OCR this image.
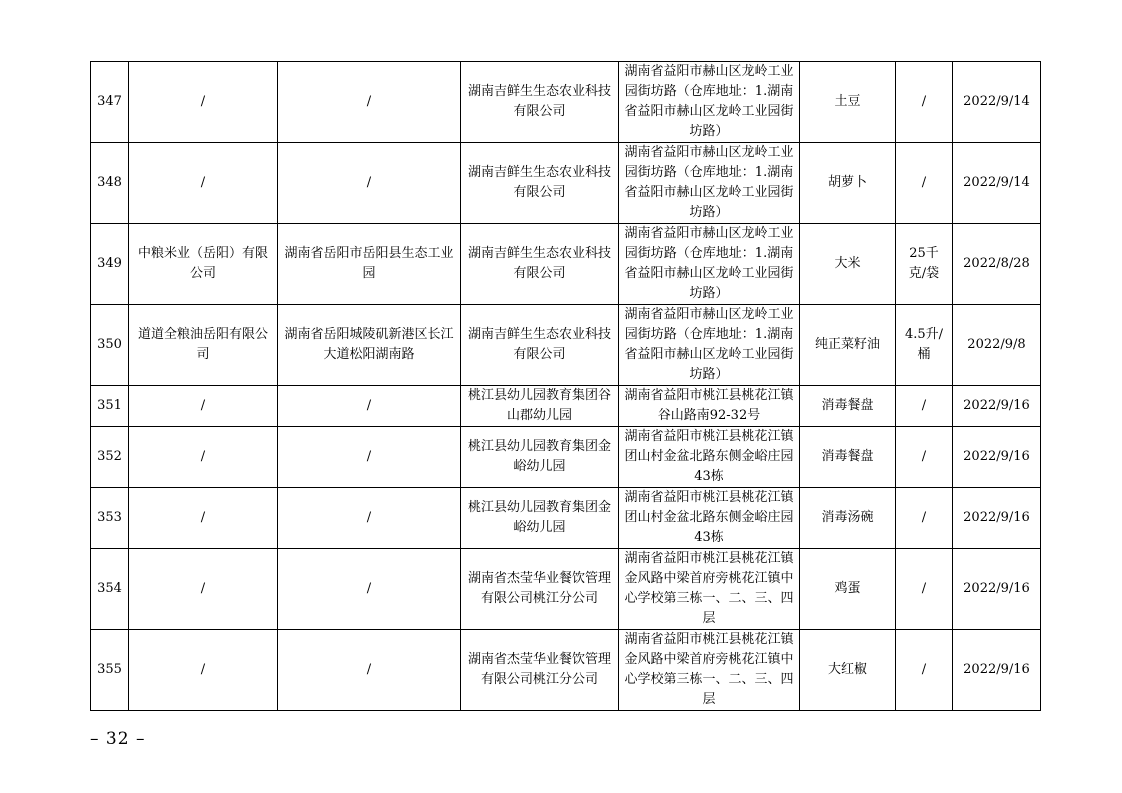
347	/	/	湖南吉鲜生生态农业科技有限公司	湖南省益阳市赫山区龙岭工业园街坊路（仓库地址：1.湖南省益阳市赫山区龙岭工业园街坊路）	土豆	/	2022/9/14
348	/	/	湖南吉鲜生生态农业科技有限公司	湖南省益阳市赫山区龙岭工业园街坊路（仓库地址：1.湖南省益阳市赫山区龙岭工业园街坊路）	胡萝卜	/	2022/9/14
349	中粮米业（岳阳）有限公司	湖南省岳阳市岳阳县生态工业园	湖南吉鲜生生态农业科技有限公司	湖南省益阳市赫山区龙岭工业园街坊路（仓库地址：1.湖南省益阳市赫山区龙岭工业园街坊路）	大米	25千克/袋	2022/8/28
350	道道全粮油岳阳有限公司	湖南省岳阳城陵矶新港区长江大道松阳湖南路	湖南吉鲜生生态农业科技有限公司	湖南省益阳市赫山区龙岭工业园街坊路（仓库地址：1.湖南省益阳市赫山区龙岭工业园街坊路）	纯正菜籽油	4.5升/桶	2022/9/8
351	/	/	桃江县幼儿园教育集团谷山郡幼儿园	湖南省益阳市桃江县桃花江镇谷山路南92-32号	消毒餐盘	/	2022/9/16
352	/	/	桃江县幼儿园教育集团金峪幼儿园	湖南省益阳市桃江县桃花江镇团山村金盆北路东侧金峪庄园43栋	消毒餐盘	/	2022/9/16
353	/	/	桃江县幼儿园教育集团金峪幼儿园	湖南省益阳市桃江县桃花江镇团山村金盆北路东侧金峪庄园43栋	消毒汤碗	/	2022/9/16
354	/	/	湖南省杰莹华业餐饮管理有限公司桃江分公司	湖南省益阳市桃江县桃花江镇金风路中梁首府旁桃花江镇中心学校第三栋一、二、三、四层	鸡蛋	/	2022/9/16
355	/	/	湖南省杰莹华业餐饮管理有限公司桃江分公司	湖南省益阳市桃江县桃花江镇金风路中梁首府旁桃花江镇中心学校第三栋一、二、三、四层	大红椒	/	2022/9/16
– 32 –
